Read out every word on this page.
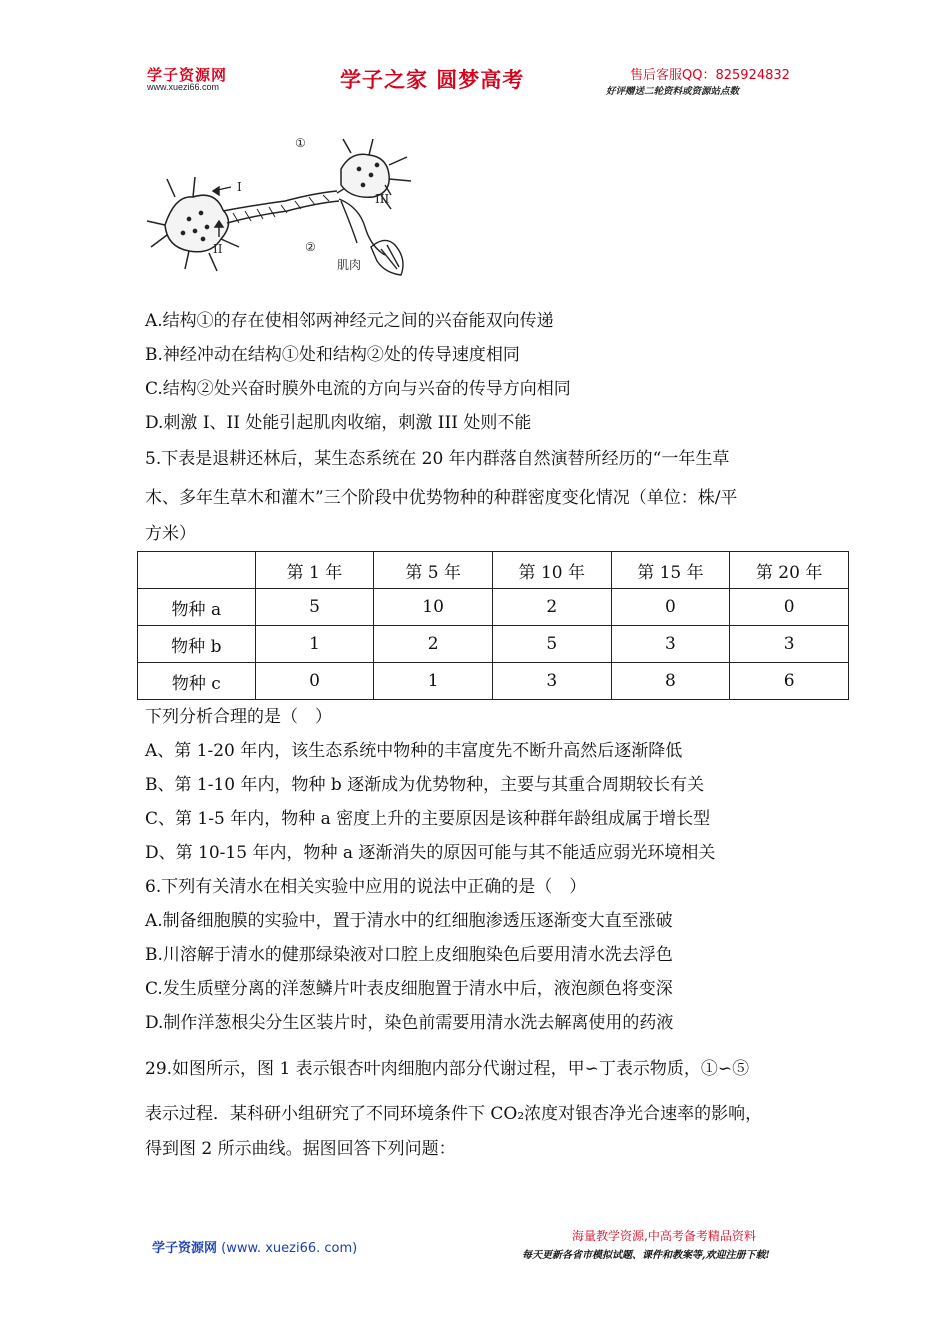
学子资源网
www.xuezi66.com	学子之家 圆梦高考	售后客服QQ：825924832
好评赠送二轮资料或资源站点数
I
II
III
①
②
肌肉
A.结构①的存在使相邻两神经元之间的兴奋能双向传递
B.神经冲动在结构①处和结构②处的传导速度相同
C.结构②处兴奋时膜外电流的方向与兴奋的传导方向相同
D.刺激 I、II 处能引起肌肉收缩，刺激 III 处则不能
5.下表是退耕还林后，某生态系统在 20 年内群落自然演替所经历的“一年生草
木、多年生草木和灌木”三个阶段中优势物种的种群密度变化情况（单位：株/平
方米）
	第 1 年	第 5 年	第 10 年	第 15 年	第 20 年
物种 a	5	10	2	0	0
物种 b	1	2	5	3	3
物种 c	0	1	3	8	6
下列分析合理的是（　）
A、第 1-20 年内，该生态系统中物种的丰富度先不断升高然后逐渐降低
B、第 1-10 年内，物种 b 逐渐成为优势物种，主要与其重合周期较长有关
C、第 1-5 年内，物种 a 密度上升的主要原因是该种群年龄组成属于增长型
D、第 10-15 年内，物种 a 逐渐消失的原因可能与其不能适应弱光环境相关
6.下列有关清水在相关实验中应用的说法中正确的是（　）
A.制备细胞膜的实验中，置于清水中的红细胞渗透压逐渐变大直至涨破
B.川溶解于清水的健那绿染液对口腔上皮细胞染色后要用清水洗去浮色
C.发生质壁分离的洋葱鳞片叶表皮细胞置于清水中后，液泡颜色将变深
D.制作洋葱根尖分生区装片时，染色前需要用清水洗去解离使用的药液
29.如图所示，图 1 表示银杏叶肉细胞内部分代谢过程，甲∽丁表示物质，①∽⑤
表示过程．某科研小组研究了不同环境条件下 CO₂浓度对银杏净光合速率的影响，
得到图 2 所示曲线。据图回答下列问题：
学子资源网 (www. xuezi66. com)
海量教学资源,中高考备考精品资料
每天更新各省市模拟试题、课件和教案等,欢迎注册下载!
